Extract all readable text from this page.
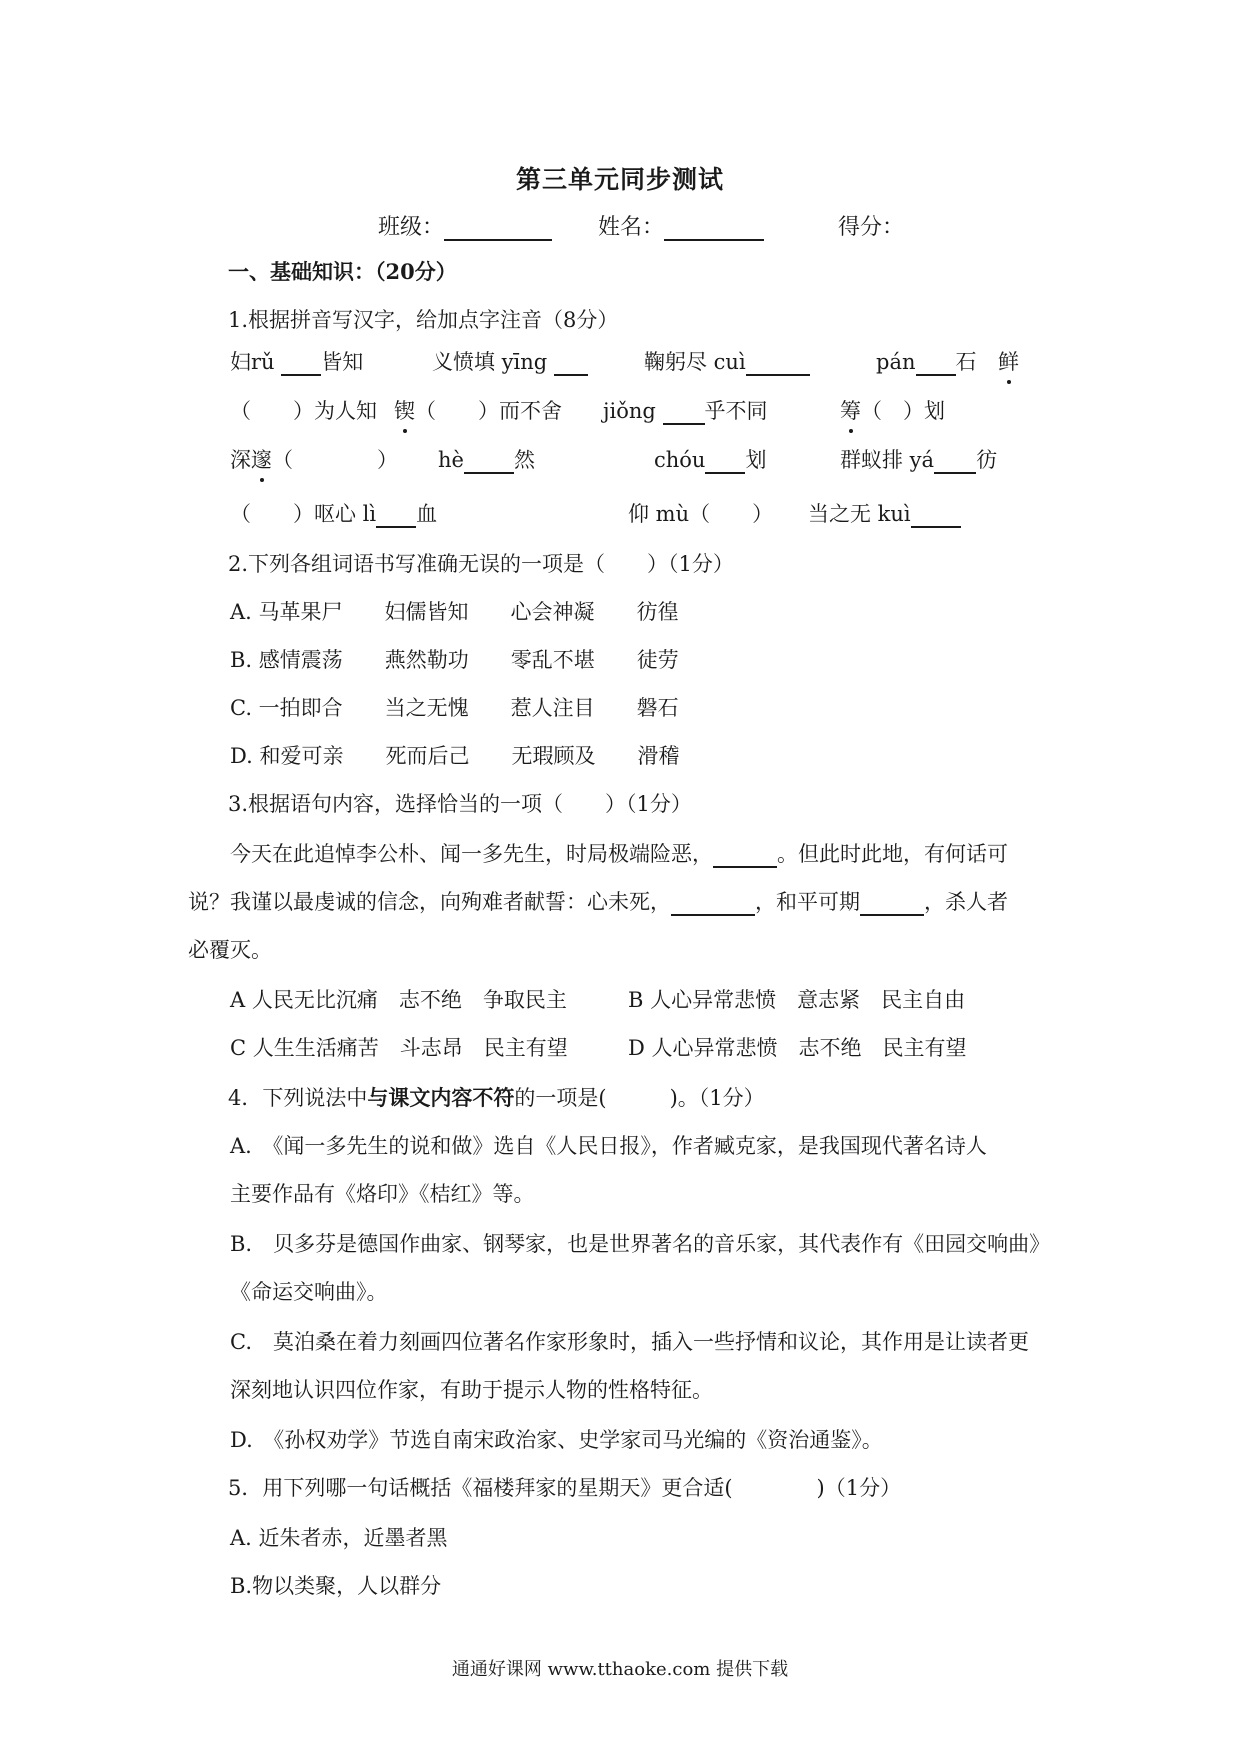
第三单元同步测试
班级：	姓名：	得分：
一、基础知识：（20分）
1.根据拼音写汉字，给加点字注音（8分）
妇rǔ 皆知	义愤填 yīng	鞠躬尽 cuì	pán 石 鲜
（　　）为人知 锲（　　）而不舍 jiǒng 乎不同	筹（　）划
深邃（　　　　） hè 然	chóu 划	群蚁排 yá 彷
（　　）呕心 lì 血	仰 mù（　　） 当之无 kuì
2.下列各组词语书写准确无误的一项是（　　）（1分）
A. 马革果尸　　妇儒皆知　　心会神凝　　彷徨
B. 感情震荡　　燕然勒功　　零乱不堪　　徒劳
C. 一拍即合　　当之无愧　　惹人注目　　磐石
D. 和爱可亲　　死而后己　　无瑕顾及　　滑稽
3.根据语句内容，选择恰当的一项（　　）（1分）
今天在此追悼李公朴、闻一多先生，时局极端险恶，	。但此时此地，有何话可
说？我谨以最虔诚的信念，向殉难者献誓：心未死，	，和平可期	，杀人者
必覆灭。
A 人民无比沉痛　志不绝　争取民主	B 人心异常悲愤　意志紧　民主自由
C 人生生活痛苦　斗志昂　民主有望	D 人心异常悲愤　志不绝　民主有望
4．下列说法中与课文内容不符的一项是(　　　)。（1分）
A.　《闻一多先生的说和做》选自《人民日报》，作者臧克家，是我国现代著名诗人
主要作品有《烙印》《桔红》等。
B.　贝多芬是德国作曲家、钢琴家，也是世界著名的音乐家，其代表作有《田园交响曲》
《命运交响曲》。
C.　莫泊桑在着力刻画四位著名作家形象时，插入一些抒情和议论，其作用是让读者更
深刻地认识四位作家，有助于提示人物的性格特征。
D.　《孙权劝学》节选自南宋政治家、史学家司马光编的《资治通鉴》。
5．用下列哪一句话概括《福楼拜家的星期天》更合适(　　　　)（1分）
A. 近朱者赤，近墨者黑
B.物以类聚，人以群分
通通好课网 www.tthaoke.com 提供下载
